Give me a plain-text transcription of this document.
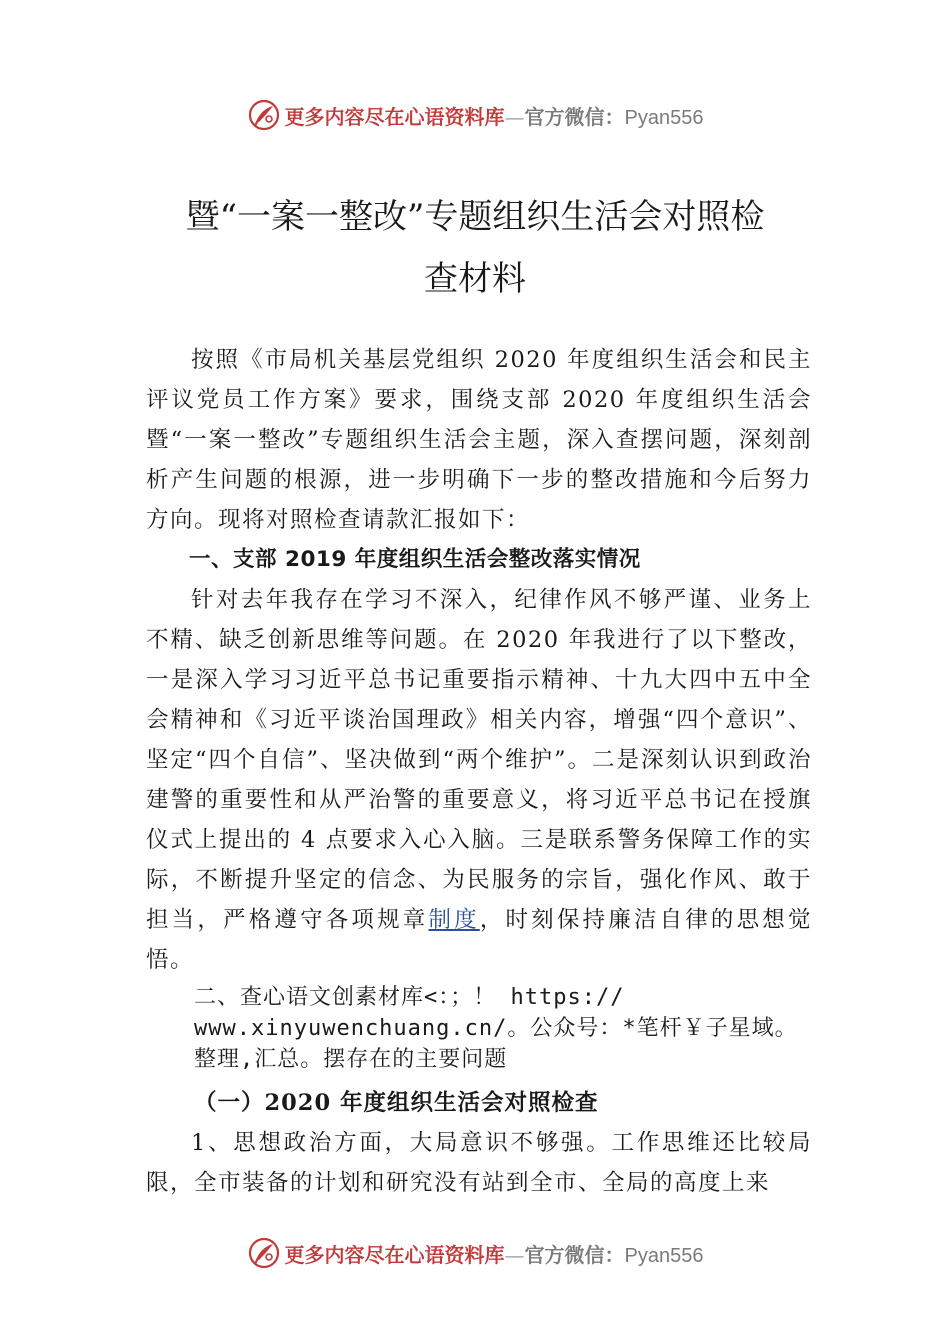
更多内容尽在心语资料库—官方微信：Pyan556
暨“一案一整改”专题组织生活会对照检
查材料

按照《市局机关基层党组织 2020 年度组织生活会和民主评议党员工作方案》要求，围绕支部 2020 年度组织生活会暨“一案一整改”专题组织生活会主题，深入查摆问题，深刻剖析产生问题的根源，进一步明确下一步的整改措施和今后努力方向。现将对照检查请款汇报如下：

一、支部 2019 年度组织生活会整改落实情况

针对去年我存在学习不深入，纪律作风不够严谨、业务上不精、缺乏创新思维等问题。在 2020 年我进行了以下整改，一是深入学习习近平总书记重要指示精神、十九大四中五中全会精神和《习近平谈治国理政》相关内容，增强“四个意识”、坚定“四个自信”、坚决做到“两个维护”。二是深刻认识到政治建警的重要性和从严治警的重要意义，将习近平总书记在授旗仪式上提出的 4 点要求入心入脑。三是联系警务保障工作的实际，不断提升坚定的信念、为民服务的宗旨，强化作风、敢于担当，严格遵守各项规章制度，时刻保持廉洁自律的思想觉悟。

二、查心语文创素材库<：；！ https://
www.xinyuwenchuang.cn/。公众号：*笔杆￥子星域。整理,汇总。摆存在的主要问题

（一）2020 年度组织生活会对照检查

1、思想政治方面，大局意识不够强。工作思维还比较局限，全市装备的计划和研究没有站到全市、全局的高度上来

更多内容尽在心语资料库—官方微信：Pyan556
